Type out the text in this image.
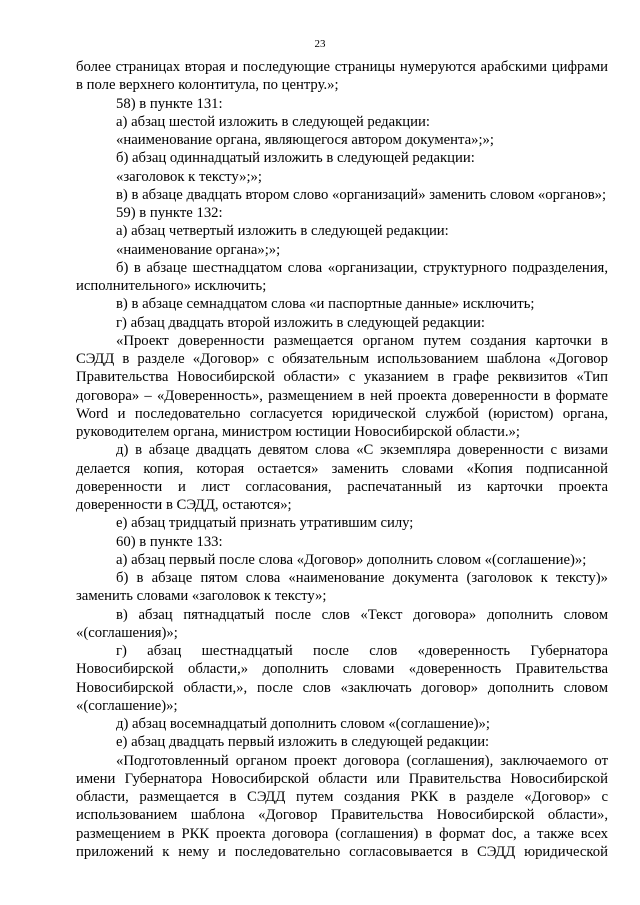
23

более страницах вторая и последующие страницы нумеруются арабскими цифрами в поле верхнего колонтитула, по центру.»;

58) в пункте 131:

а) абзац шестой изложить в следующей редакции:

«наименование органа, являющегося автором документа»;»;

б) абзац одиннадцатый изложить в следующей редакции:

«заголовок к тексту»;»;

в) в абзаце двадцать втором слово «организаций» заменить словом «органов»;

59) в пункте 132:

а) абзац четвертый изложить в следующей редакции:

«наименование органа»;»;

б) в абзаце шестнадцатом слова «организации, структурного подразделения, исполнительного» исключить;

в) в абзаце семнадцатом слова «и паспортные данные» исключить;

г) абзац двадцать второй изложить в следующей редакции:

«Проект доверенности размещается органом путем создания карточки в СЭДД в разделе «Договор» с обязательным использованием шаблона «Договор Правительства Новосибирской области» с указанием в графе реквизитов «Тип договора» – «Доверенность», размещением в ней проекта доверенности в формате Word и последовательно согласуется юридической службой (юристом) органа, руководителем органа, министром юстиции Новосибирской области.»;

д) в абзаце двадцать девятом слова «С экземпляра доверенности с визами делается копия, которая остается» заменить словами «Копия подписанной доверенности и лист согласования, распечатанный из карточки проекта доверенности в СЭДД, остаются»;

е) абзац тридцатый признать утратившим силу;

60) в пункте 133:

а) абзац первый после слова «Договор» дополнить словом «(соглашение)»;

б) в абзаце пятом слова «наименование документа (заголовок к тексту)» заменить словами «заголовок к тексту»;

в) абзац пятнадцатый после слов «Текст договора» дополнить словом «(соглашения)»;

г) абзац шестнадцатый после слов «доверенность Губернатора Новосибирской области,» дополнить словами «доверенность Правительства Новосибирской области,», после слов «заключать договор» дополнить словом «(соглашение)»;

д) абзац восемнадцатый дополнить словом «(соглашение)»;

е) абзац двадцать первый изложить в следующей редакции:

«Подготовленный органом проект договора (соглашения), заключаемого от имени Губернатора Новосибирской области или Правительства Новосибирской области, размещается в СЭДД путем создания РКК в разделе «Договор» с использованием шаблона «Договор Правительства Новосибирской области», размещением в РКК проекта договора (соглашения) в формат doc, а также всех приложений к нему и последовательно согласовывается в СЭДД юридической
